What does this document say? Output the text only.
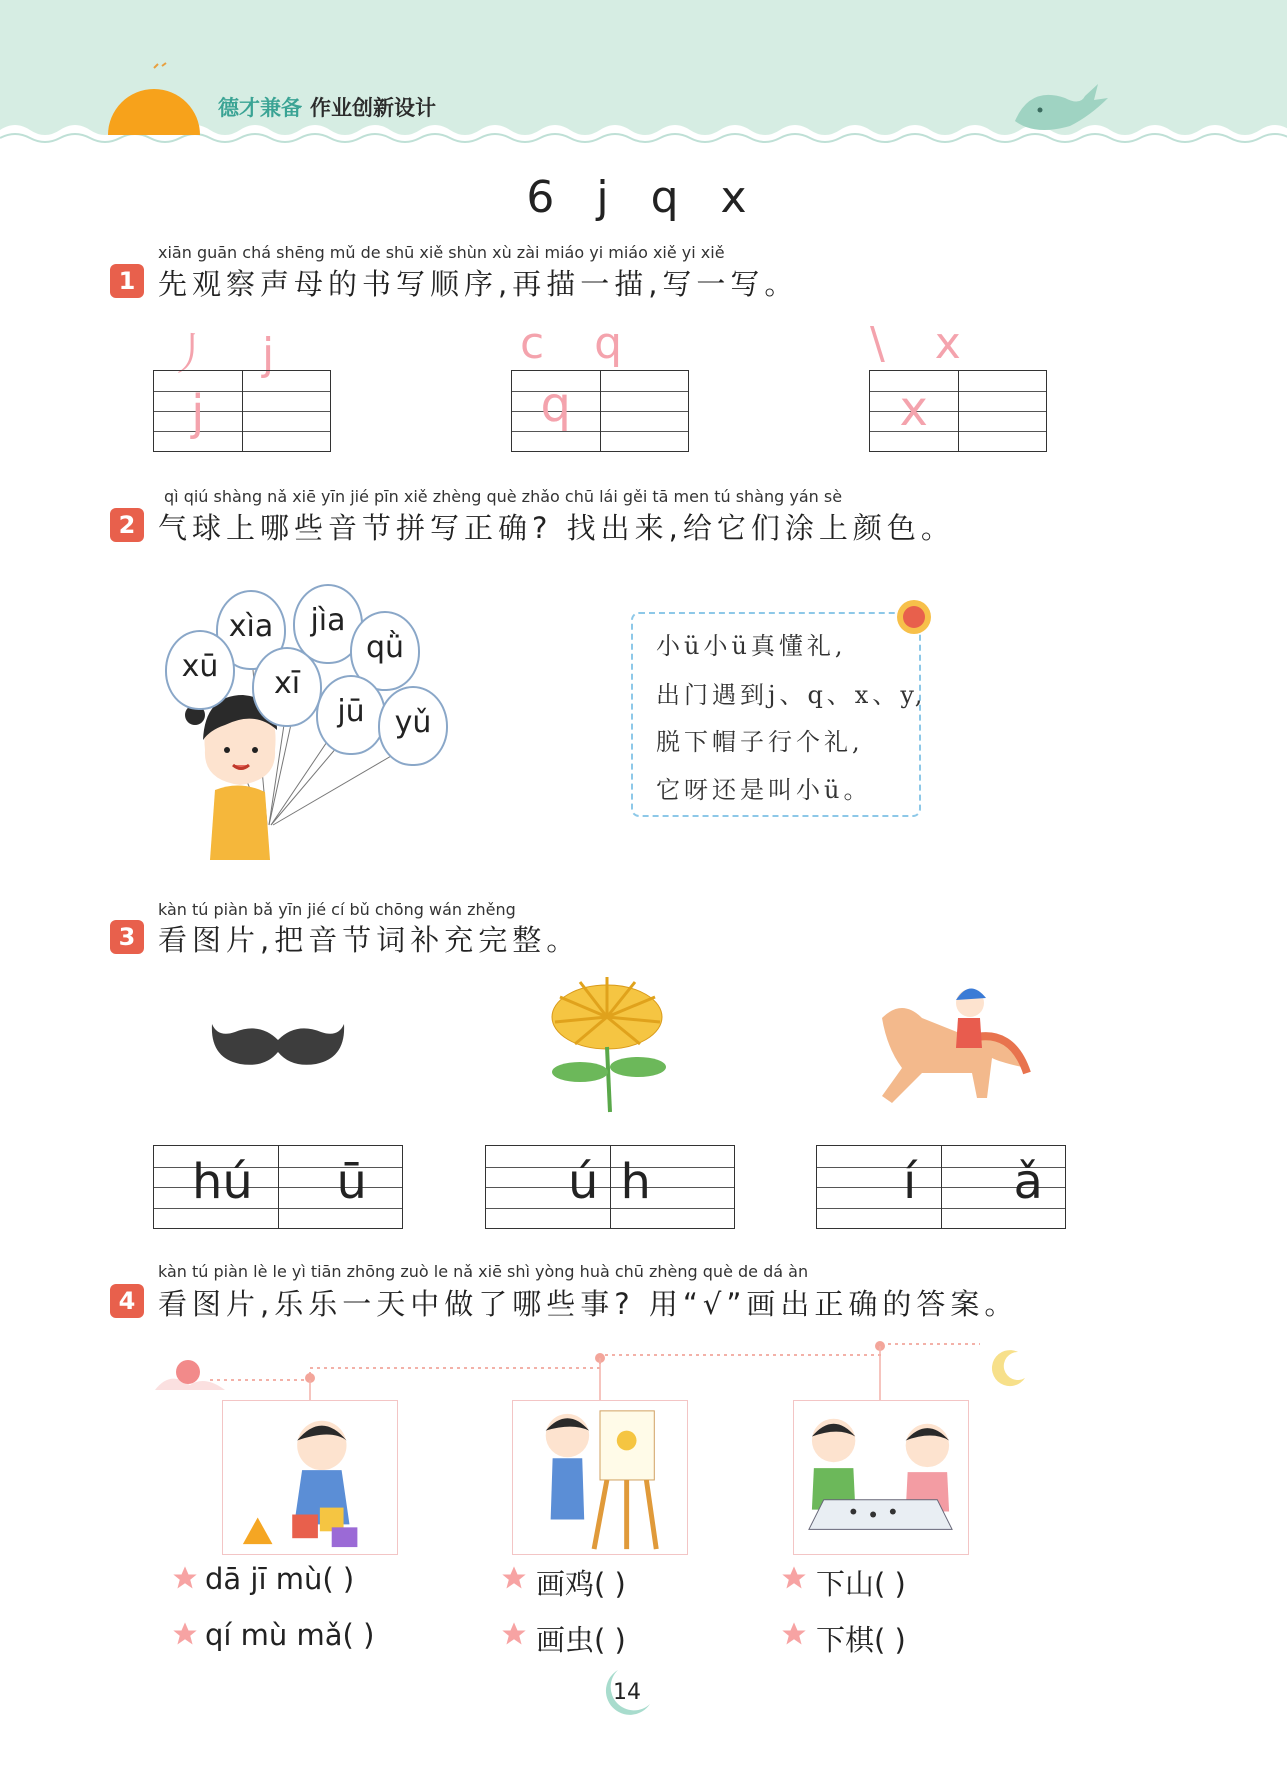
德才兼备 作业创新设计
6 j q x
xiān guān chá shēng mǔ de shū xiě shùn xù zài miáo yi miáo xiě yi xiě
1 先观察声母的书写顺序,再描一描,写一写。
丿 j
j
c q
q
\ x
x
qì qiú shàng nǎ xiē yīn jié pīn xiě zhèng què zhǎo chū lái gěi tā men tú shàng yán sè
2 气球上哪些音节拼写正确? 找出来,给它们涂上颜色。
xìa	jìa
xū	xī
qǜ
jū yǔ
小ü小ü真懂礼,
出门遇到j、q、x、y,
脱下帽子行个礼,
它呀还是叫小ü。
kàn tú piàn bǎ yīn jié cí bǔ chōng wán zhěng
3 看图片,把音节词补充完整。
hú	ū	ú h	í	ǎ
kàn tú piàn lè le yì tiān zhōng zuò le nǎ xiē shì yòng huà chū zhèng què de dá àn
4 看图片,乐乐一天中做了哪些事? 用“√”画出正确的答案。
dā jī mù( )
qí mù mǎ( )
画鸡( )
画虫( )
下山( )
下棋( )
14
